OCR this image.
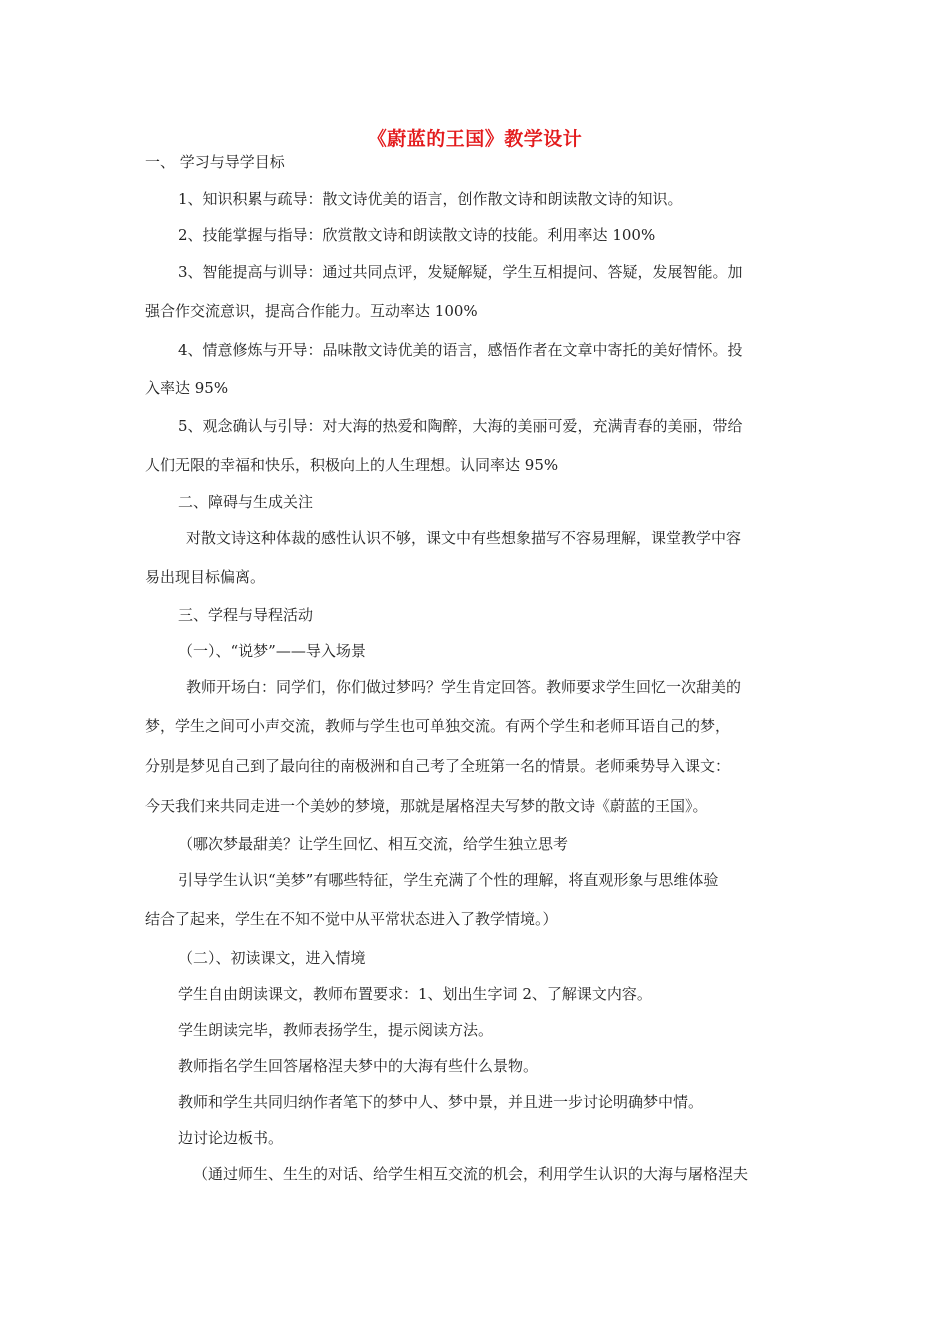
《蔚蓝的王国》教学设计
一、 学习与导学目标
1、知识积累与疏导：散文诗优美的语言，创作散文诗和朗读散文诗的知识。
2、技能掌握与指导：欣赏散文诗和朗读散文诗的技能。利用率达 100%
3、智能提高与训导：通过共同点评，发疑解疑，学生互相提问、答疑，发展智能。加
强合作交流意识，提高合作能力。互动率达 100%
4、情意修炼与开导：品味散文诗优美的语言，感悟作者在文章中寄托的美好情怀。投
入率达 95%
5、观念确认与引导：对大海的热爱和陶醉，大海的美丽可爱，充满青春的美丽，带给
人们无限的幸福和快乐，积极向上的人生理想。认同率达 95%
二、障碍与生成关注
对散文诗这种体裁的感性认识不够，课文中有些想象描写不容易理解，课堂教学中容
易出现目标偏离。
三、学程与导程活动
（一）、“说梦”——导入场景
教师开场白：同学们，你们做过梦吗？学生肯定回答。教师要求学生回忆一次甜美的
梦，学生之间可小声交流，教师与学生也可单独交流。有两个学生和老师耳语自己的梦，
分别是梦见自己到了最向往的南极洲和自己考了全班第一名的情景。老师乘势导入课文：
今天我们来共同走进一个美妙的梦境，那就是屠格涅夫写梦的散文诗《蔚蓝的王国》。
（哪次梦最甜美？让学生回忆、相互交流，给学生独立思考
引导学生认识“美梦”有哪些特征，学生充满了个性的理解，将直观形象与思维体验
结合了起来，学生在不知不觉中从平常状态进入了教学情境。）
（二）、初读课文，进入情境
学生自由朗读课文，教师布置要求：1、划出生字词 2、了解课文内容。
学生朗读完毕，教师表扬学生，提示阅读方法。
教师指名学生回答屠格涅夫梦中的大海有些什么景物。
教师和学生共同归纳作者笔下的梦中人、梦中景，并且进一步讨论明确梦中情。
边讨论边板书。
（通过师生、生生的对话、给学生相互交流的机会，利用学生认识的大海与屠格涅夫
